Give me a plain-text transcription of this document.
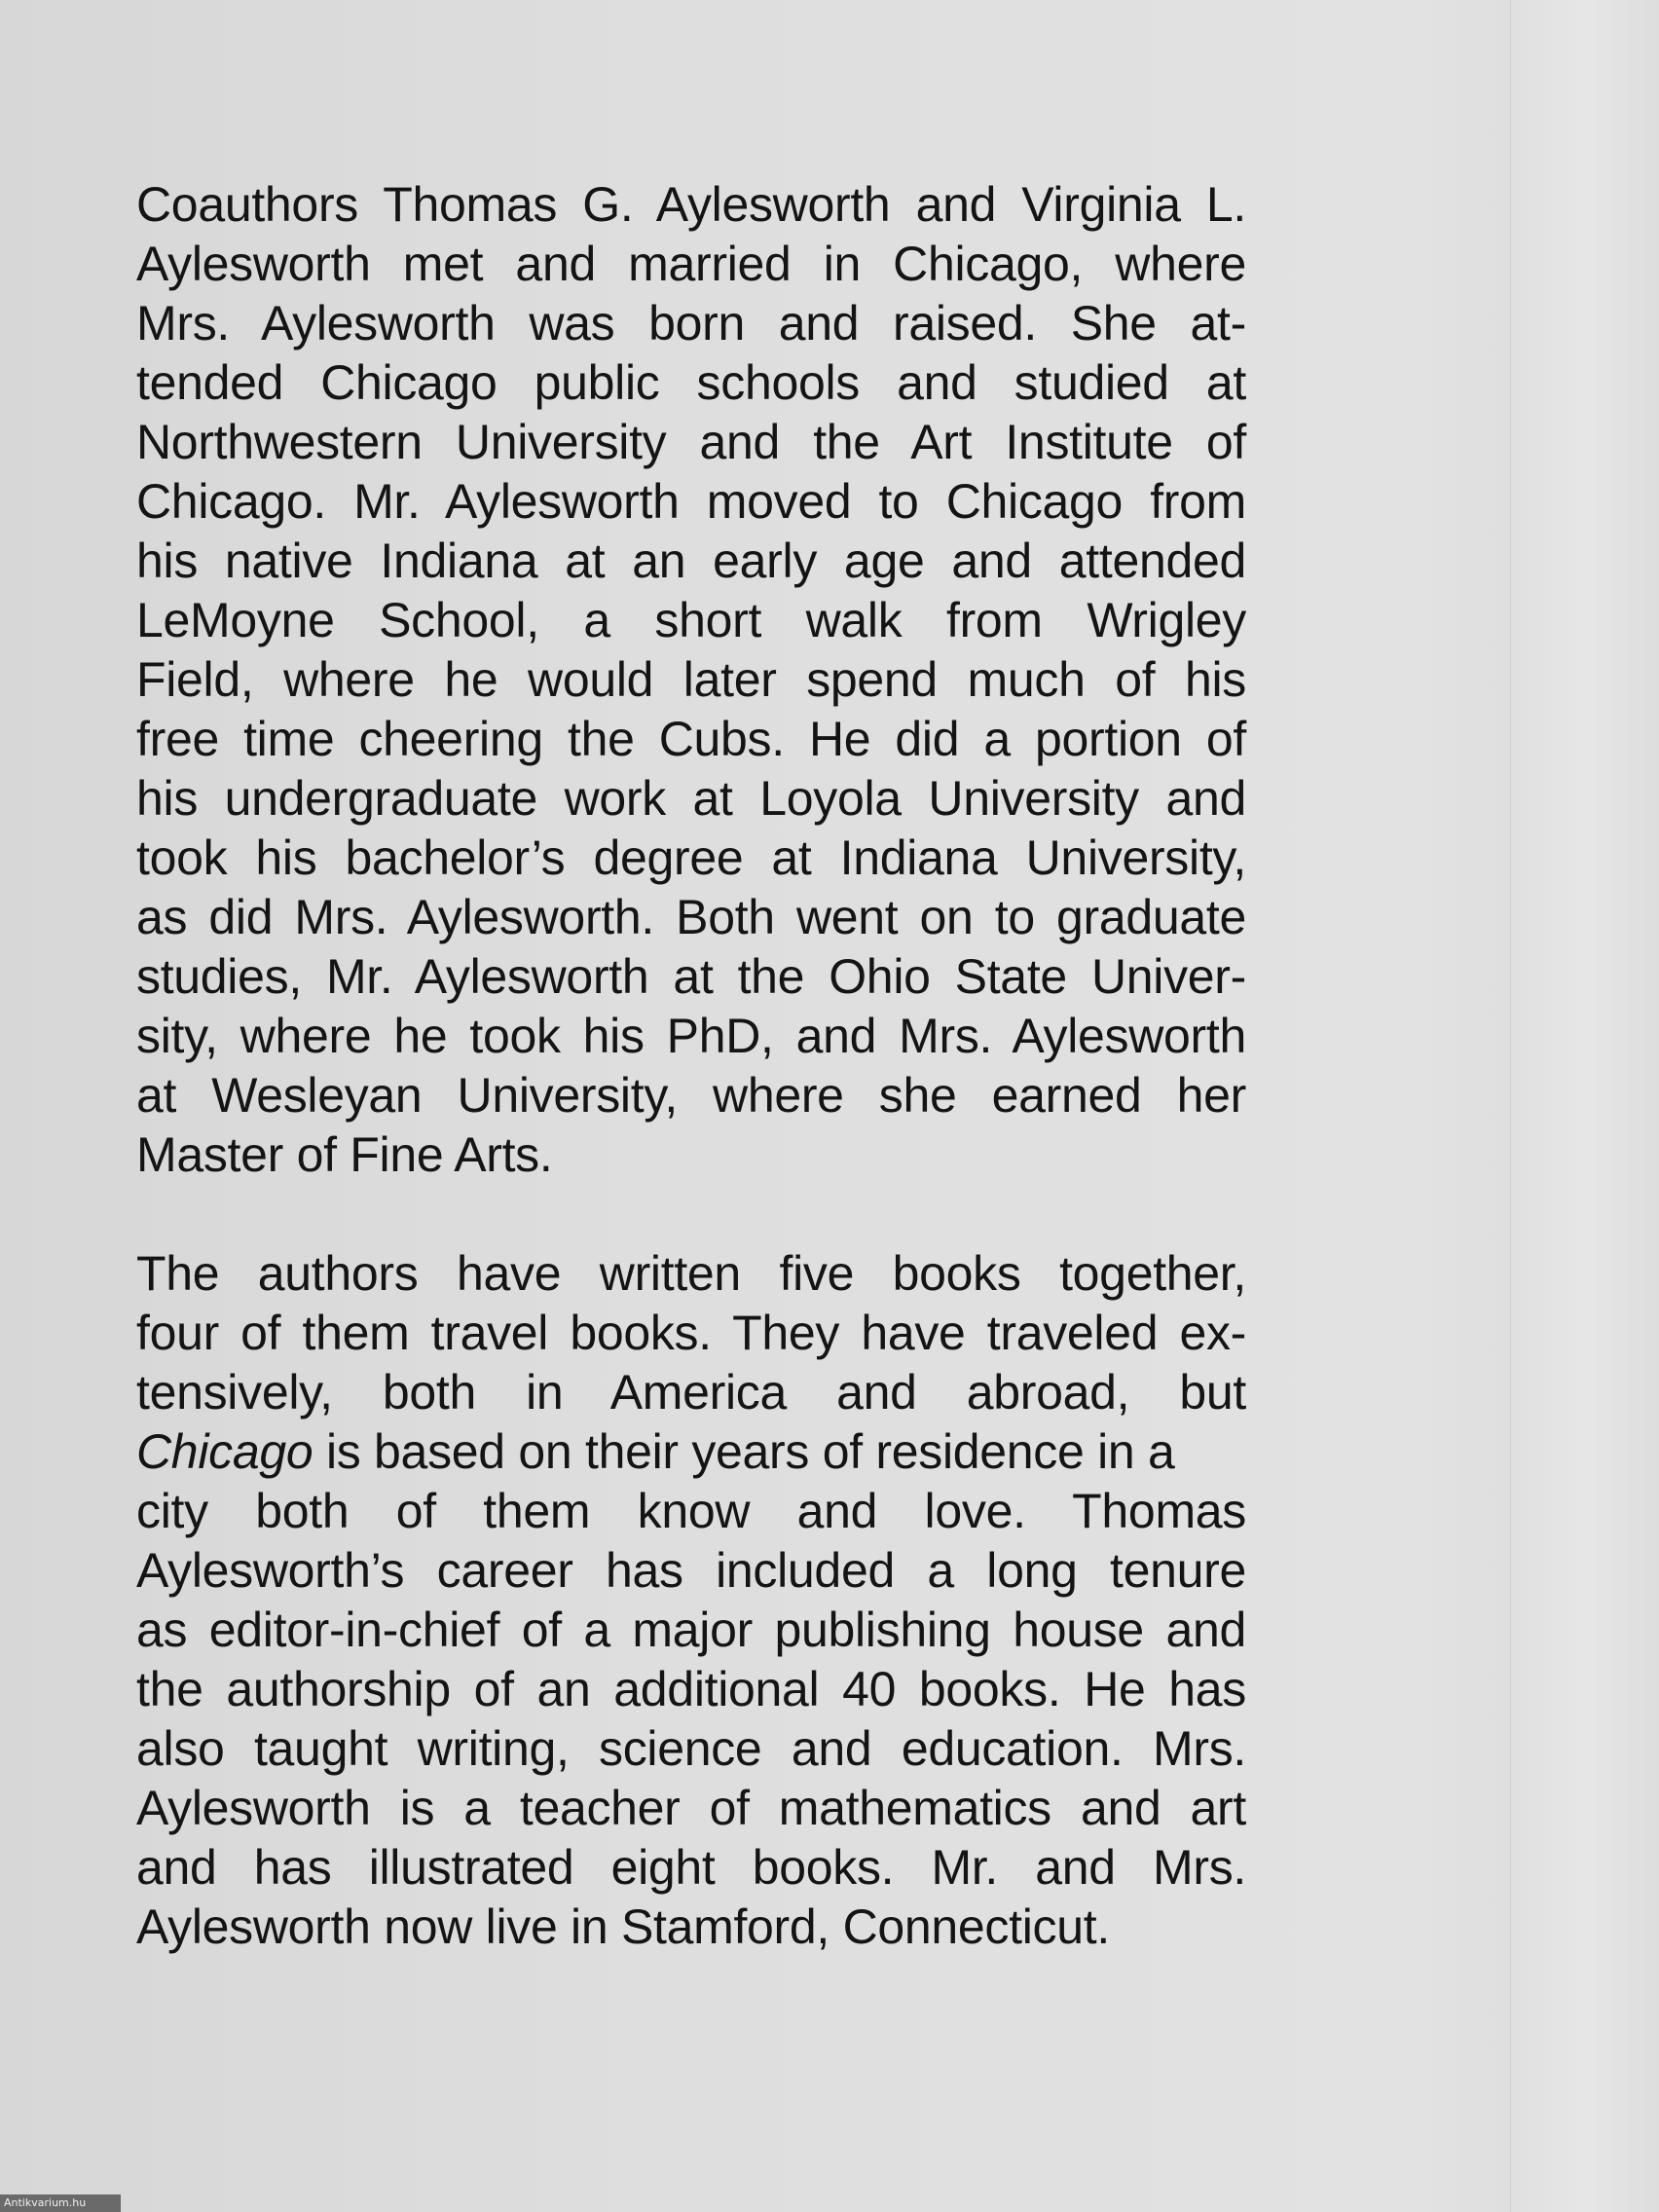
Coauthors Thomas G. Aylesworth and Virginia L.
Aylesworth met and married in Chicago, where
Mrs. Aylesworth was born and raised. She at-
tended Chicago public schools and studied at
Northwestern University and the Art Institute of
Chicago. Mr. Aylesworth moved to Chicago from
his native Indiana at an early age and attended
LeMoyne School, a short walk from Wrigley
Field, where he would later spend much of his
free time cheering the Cubs. He did a portion of
his undergraduate work at Loyola University and
took his bachelor’s degree at Indiana University,
as did Mrs. Aylesworth. Both went on to graduate
studies, Mr. Aylesworth at the Ohio State Univer-
sity, where he took his PhD, and Mrs. Aylesworth
at Wesleyan University, where she earned her
Master of Fine Arts.
The authors have written five books together,
four of them travel books. They have traveled ex-
tensively, both in America and abroad, but
Chicago is based on their years of residence in a
city both of them know and love. Thomas
Aylesworth’s career has included a long tenure
as editor-in-chief of a major publishing house and
the authorship of an additional 40 books. He has
also taught writing, science and education. Mrs.
Aylesworth is a teacher of mathematics and art
and has illustrated eight books. Mr. and Mrs.
Aylesworth now live in Stamford, Connecticut.
Antikvarium.hu
